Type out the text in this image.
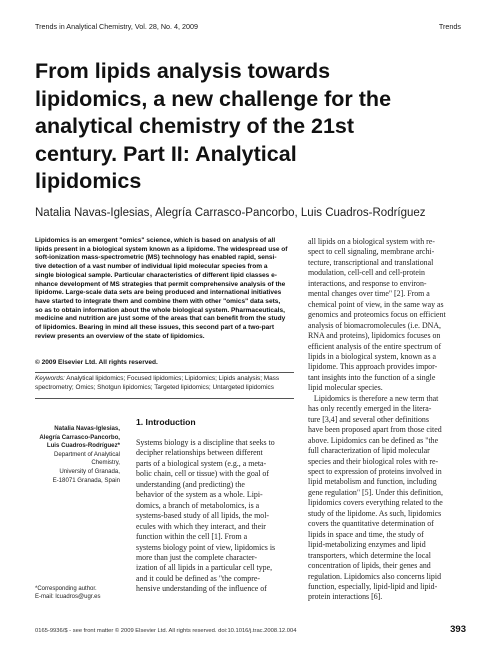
Trends in Analytical Chemistry, Vol. 28, No. 4, 2009	Trends
From lipids analysis towards
lipidomics, a new challenge for the
analytical chemistry of the 21st
century. Part II: Analytical
lipidomics
Natalia Navas-Iglesias, Alegría Carrasco-Pancorbo, Luis Cuadros-Rodríguez
Lipidomics is an emergent "omics" science, which is based on analysis of all
lipids present in a biological system known as a lipidome. The widespread use of
soft-ionization mass-spectrometric (MS) technology has enabled rapid, sensi-
tive detection of a vast number of individual lipid molecular species from a
single biological sample. Particular characteristics of different lipid classes e-
nhance development of MS strategies that permit comprehensive analysis of the
lipidome. Large-scale data sets are being produced and international initiatives
have started to integrate them and combine them with other "omics" data sets,
so as to obtain information about the whole biological system. Pharmaceuticals,
medicine and nutrition are just some of the areas that can benefit from the study
of lipidomics. Bearing in mind all these issues, this second part of a two-part
review presents an overview of the state of lipidomics.
© 2009 Elsevier Ltd. All rights reserved.
Keywords: Analytical lipidomics; Focused lipidomics; Lipidomics; Lipids analysis; Mass
spectrometry; Omics; Shotgun lipidomics; Targeted lipidomics; Untargeted lipidomics
Natalia Navas-Iglesias,
Alegría Carrasco-Pancorbo,
Luis Cuadros-Rodríguez*
Department of Analytical
Chemistry,
University of Granada,
E-18071 Granada, Spain
*Corresponding author.
E-mail: lcuadros@ugr.es
1. Introduction
Systems biology is a discipline that seeks to
decipher relationships between different
parts of a biological system (e.g., a meta-
bolic chain, cell or tissue) with the goal of
understanding (and predicting) the
behavior of the system as a whole. Lipi-
domics, a branch of metabolomics, is a
systems-based study of all lipids, the mol-
ecules with which they interact, and their
function within the cell [1]. From a
systems biology point of view, lipidomics is
more than just the complete character-
ization of all lipids in a particular cell type,
and it could be defined as "the compre-
hensive understanding of the influence of
all lipids on a biological system with re-
spect to cell signaling, membrane archi-
tecture, transcriptional and translational
modulation, cell-cell and cell-protein
interactions, and response to environ-
mental changes over time" [2]. From a
chemical point of view, in the same way as
genomics and proteomics focus on efficient
analysis of biomacromolecules (i.e. DNA,
RNA and proteins), lipidomics focuses on
efficient analysis of the entire spectrum of
lipids in a biological system, known as a
lipidome. This approach provides impor-
tant insights into the function of a single
lipid molecular species.
Lipidomics is therefore a new term that
has only recently emerged in the litera-
ture [3,4] and several other definitions
have been proposed apart from those cited
above. Lipidomics can be defined as "the
full characterization of lipid molecular
species and their biological roles with re-
spect to expression of proteins involved in
lipid metabolism and function, including
gene regulation" [5]. Under this definition,
lipidomics covers everything related to the
study of the lipidome. As such, lipidomics
covers the quantitative determination of
lipids in space and time, the study of
lipid-metabolizing enzymes and lipid
transporters, which determine the local
concentration of lipids, their genes and
regulation. Lipidomics also concerns lipid
function, especially, lipid-lipid and lipid-
protein interactions [6].
0165-9936/$ - see front matter © 2009 Elsevier Ltd. All rights reserved. doi:10.1016/j.trac.2008.12.004	393
